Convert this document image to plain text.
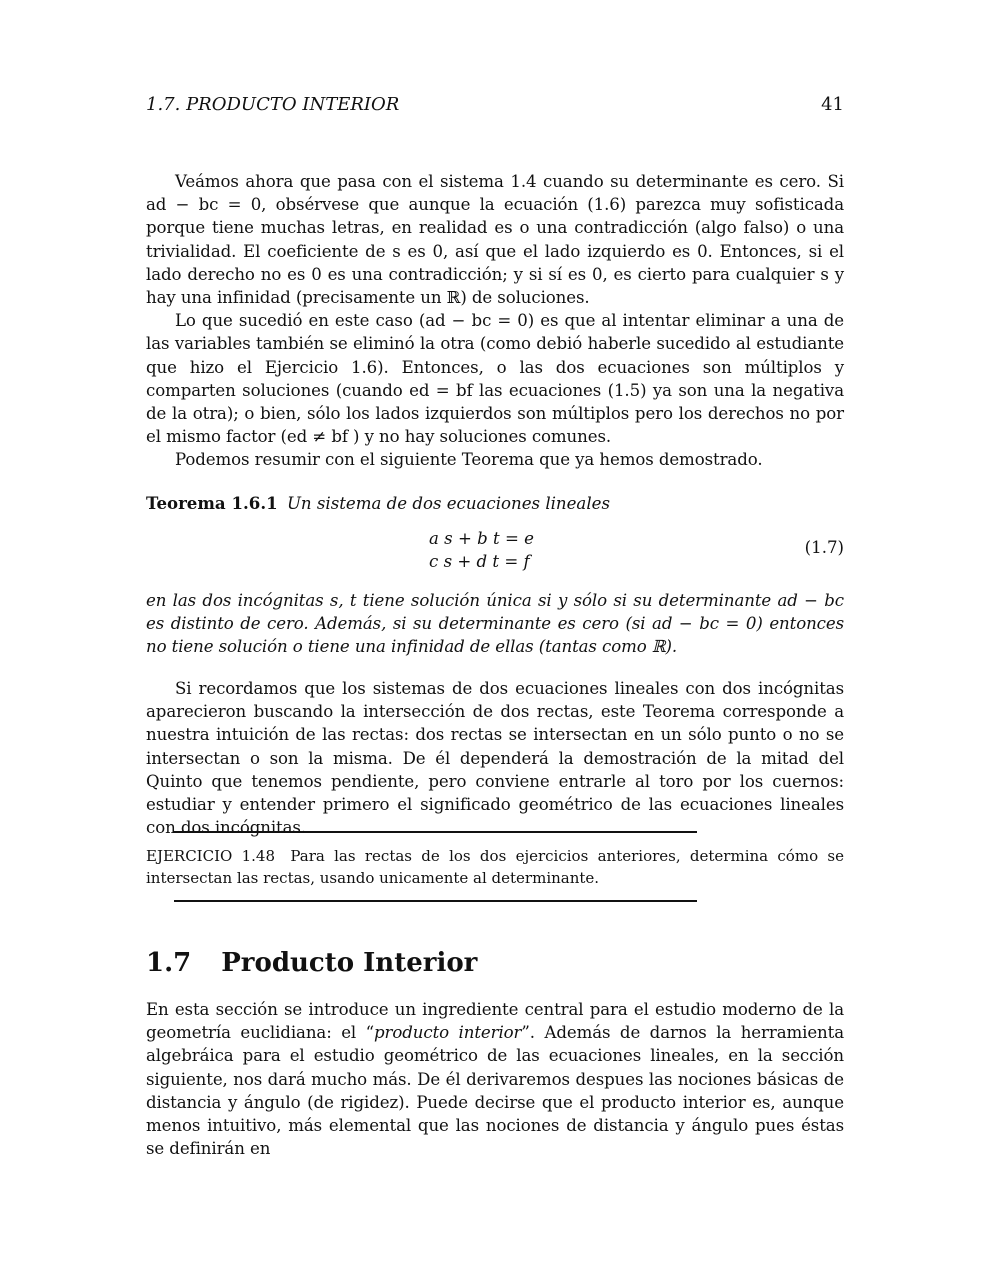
1.7. PRODUCTO INTERIOR	41

Veámos ahora que pasa con el sistema 1.4 cuando su determinante es cero. Si ad − bc = 0, obsérvese que aunque la ecuación (1.6) parezca muy sofisticada porque tiene muchas letras, en realidad es o una contradicción (algo falso) o una trivialidad. El coeficiente de s es 0, así que el lado izquierdo es 0. Entonces, si el lado derecho no es 0 es una contradicción; y si sí es 0, es cierto para cualquier s y hay una infinidad (precisamente un ℝ) de soluciones.

Lo que sucedió en este caso (ad − bc = 0) es que al intentar eliminar a una de las variables también se eliminó la otra (como debió haberle sucedido al estudiante que hizo el Ejercicio 1.6). Entonces, o las dos ecuaciones son múltiplos y comparten soluciones (cuando ed = bf las ecuaciones (1.5) ya son una la negativa de la otra); o bien, sólo los lados izquierdos son múltiplos pero los derechos no por el mismo factor (ed ≠ bf ) y no hay soluciones comunes.

Podemos resumir con el siguiente Teorema que ya hemos demostrado.

Teorema 1.6.1 Un sistema de dos ecuaciones lineales

a s + b t = e
c s + d t = f
(1.7)

en las dos incógnitas s, t tiene solución única si y sólo si su determinante ad − bc es distinto de cero. Además, si su determinante es cero (si ad − bc = 0) entonces no tiene solución o tiene una infinidad de ellas (tantas como ℝ).

Si recordamos que los sistemas de dos ecuaciones lineales con dos incógnitas aparecieron buscando la intersección de dos rectas, este Teorema corresponde a nuestra intuición de las rectas: dos rectas se intersectan en un sólo punto o no se intersectan o son la misma. De él dependerá la demostración de la mitad del Quinto que tenemos pendiente, pero conviene entrarle al toro por los cuernos: estudiar y entender primero el significado geométrico de las ecuaciones lineales con dos incógnitas.

EJERCICIO 1.48 Para las rectas de los dos ejercicios anteriores, determina cómo se intersectan las rectas, usando unicamente al determinante.

1.7 Producto Interior

En esta sección se introduce un ingrediente central para el estudio moderno de la geometría euclidiana: el “producto interior”. Además de darnos la herramienta algebráica para el estudio geométrico de las ecuaciones lineales, en la sección siguiente, nos dará mucho más. De él derivaremos despues las nociones básicas de distancia y ángulo (de rigidez). Puede decirse que el producto interior es, aunque menos intuitivo, más elemental que las nociones de distancia y ángulo pues éstas se definirán en
